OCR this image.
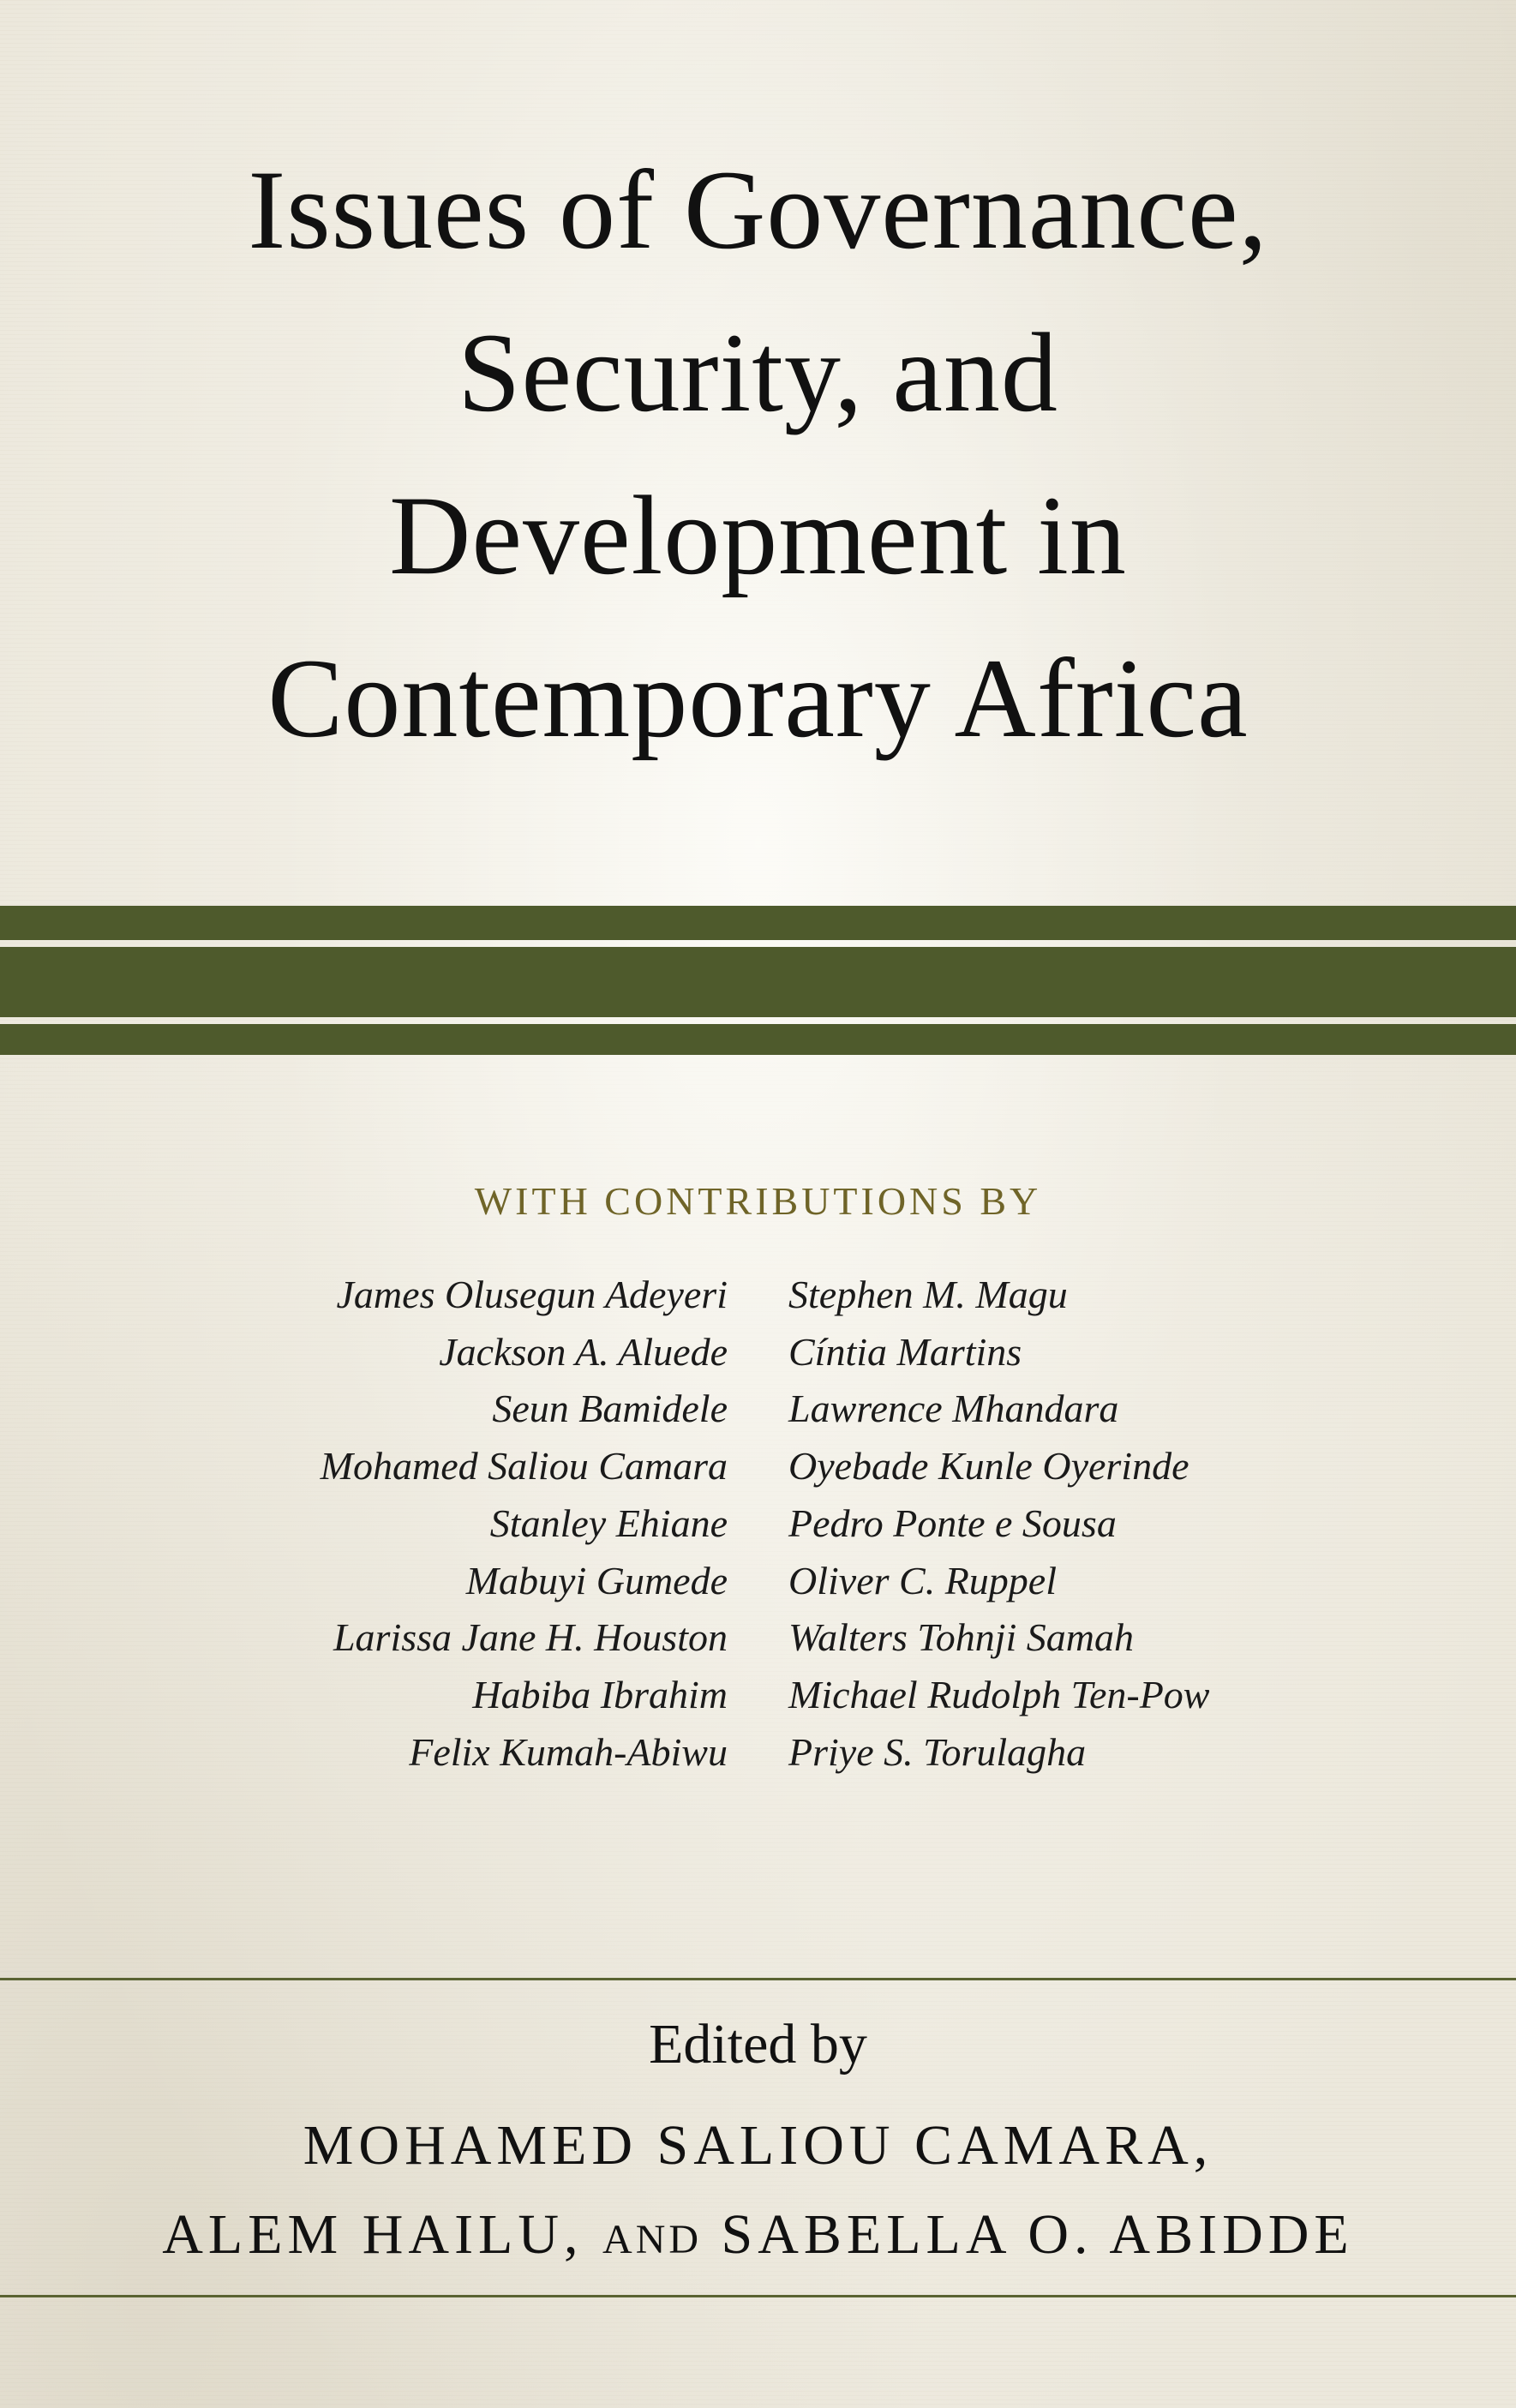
Issues of Governance,
Security, and
Development in
Contemporary Africa
WITH CONTRIBUTIONS BY
James Olusegun Adeyeri
Jackson A. Aluede
Seun Bamidele
Mohamed Saliou Camara
Stanley Ehiane
Mabuyi Gumede
Larissa Jane H. Houston
Habiba Ibrahim
Felix Kumah-Abiwu
Stephen M. Magu
Cíntia Martins
Lawrence Mhandara
Oyebade Kunle Oyerinde
Pedro Ponte e Sousa
Oliver C. Ruppel
Walters Tohnji Samah
Michael Rudolph Ten-Pow
Priye S. Torulagha
Edited by
MOHAMED SALIOU CAMARA,
ALEM HAILU, AND SABELLA O. ABIDDE
